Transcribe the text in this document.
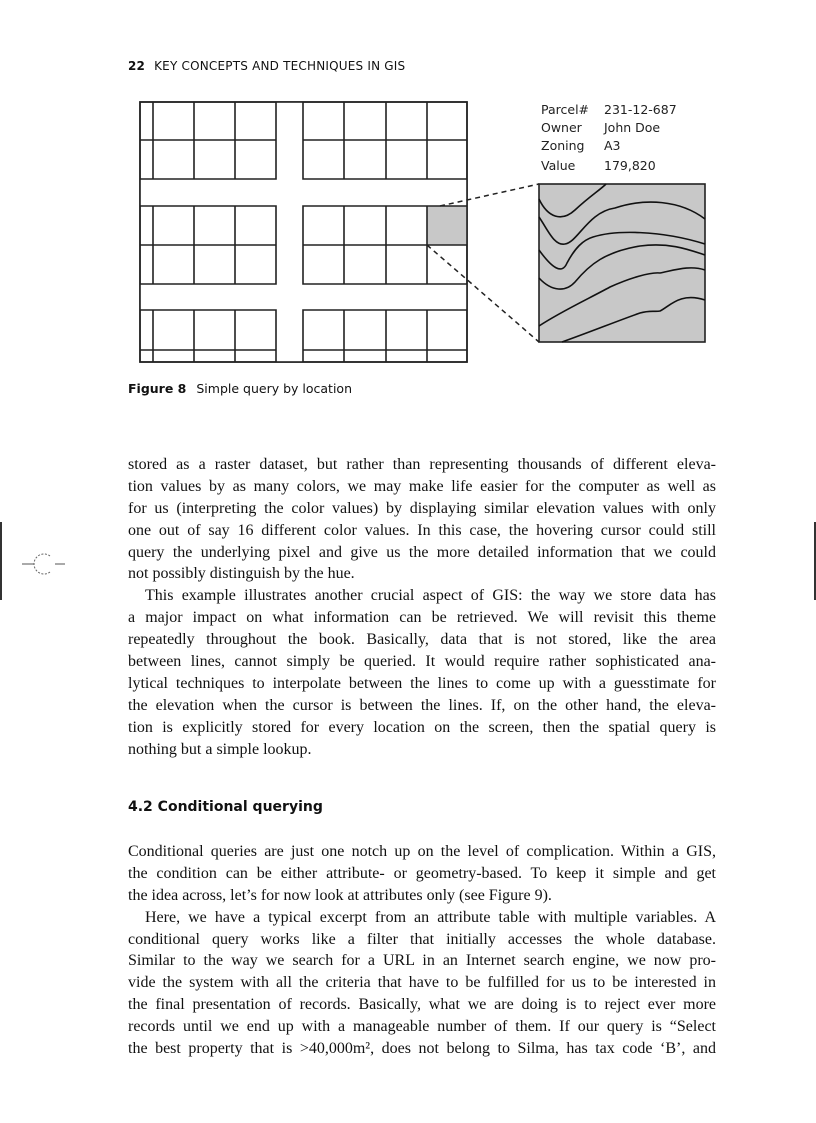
22 KEY CONCEPTS AND TECHNIQUES IN GIS
Parcel# 231-12-687
Owner John Doe
Zoning A3
Value 179,820
Figure 8 Simple query by location
stored as a raster dataset, but rather than representing thousands of different eleva-
tion values by as many colors, we may make life easier for the computer as well as
for us (interpreting the color values) by displaying similar elevation values with only
one out of say 16 different color values. In this case, the hovering cursor could still
query the underlying pixel and give us the more detailed information that we could
not possibly distinguish by the hue.
This example illustrates another crucial aspect of GIS: the way we store data has
a major impact on what information can be retrieved. We will revisit this theme
repeatedly throughout the book. Basically, data that is not stored, like the area
between lines, cannot simply be queried. It would require rather sophisticated ana-
lytical techniques to interpolate between the lines to come up with a guesstimate for
the elevation when the cursor is between the lines. If, on the other hand, the eleva-
tion is explicitly stored for every location on the screen, then the spatial query is
nothing but a simple lookup.
4.2 Conditional querying
Conditional queries are just one notch up on the level of complication. Within a GIS,
the condition can be either attribute- or geometry-based. To keep it simple and get
the idea across, let’s for now look at attributes only (see Figure 9).
Here, we have a typical excerpt from an attribute table with multiple variables. A
conditional query works like a filter that initially accesses the whole database.
Similar to the way we search for a URL in an Internet search engine, we now pro-
vide the system with all the criteria that have to be fulfilled for us to be interested in
the final presentation of records. Basically, what we are doing is to reject ever more
records until we end up with a manageable number of them. If our query is “Select
the best property that is >40,000m², does not belong to Silma, has tax code ‘B’, and
